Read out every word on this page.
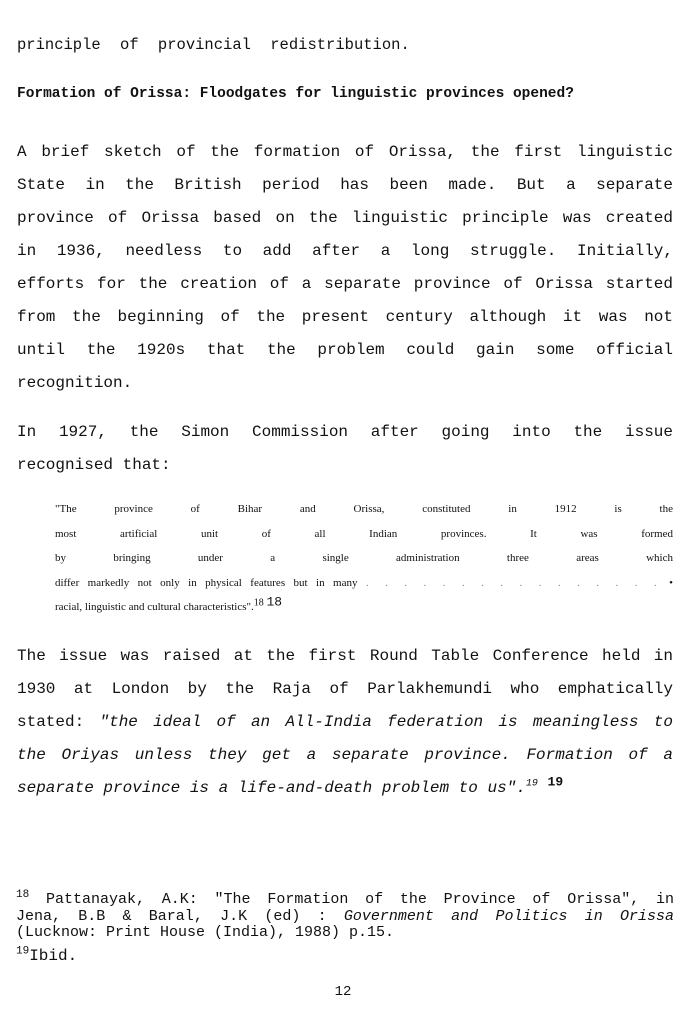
principle of provincial redistribution.
Formation of Orissa: Floodgates for linguistic provinces opened?
A brief sketch of the formation of Orissa, the first linguistic
State in the British period has been made. But a separate
province of Orissa based on the linguistic principle was created
in 1936, needless to add after a long struggle. Initially,
efforts for the creation of a separate province of Orissa started
from the beginning of the present century although it was not
until the 1920s that the problem could gain some official
recognition.
In 1927, the Simon Commission after going into the issue
recognised that:
"The province of Bihar and Orissa, constituted in 1912 is the
most artificial unit of all Indian provinces. It was formed
by bringing under a single administration three areas which
differ markedly not only in physical features but in many . . . . . . . . . . . . . . . . •
racial, linguistic and cultural characteristics".18 18
The issue was raised at the first Round Table Conference held in
1930 at London by the Raja of Parlakhemundi who emphatically
stated: "the ideal of an All-India federation is meaningless to
the Oriyas unless they get a separate province. Formation of a
separate province is a life-and-death problem to us".$^{19}$ $^{19}$
$^{18}$ Pattanayak, A.K: "The Formation of the Province of Orissa", in
Jena, B.B & Baral, J.K (ed) : Government and Politics in Orissa
(Lucknow: Print House (India), 1988) p.15.
$^{19}$Ibid.
12
